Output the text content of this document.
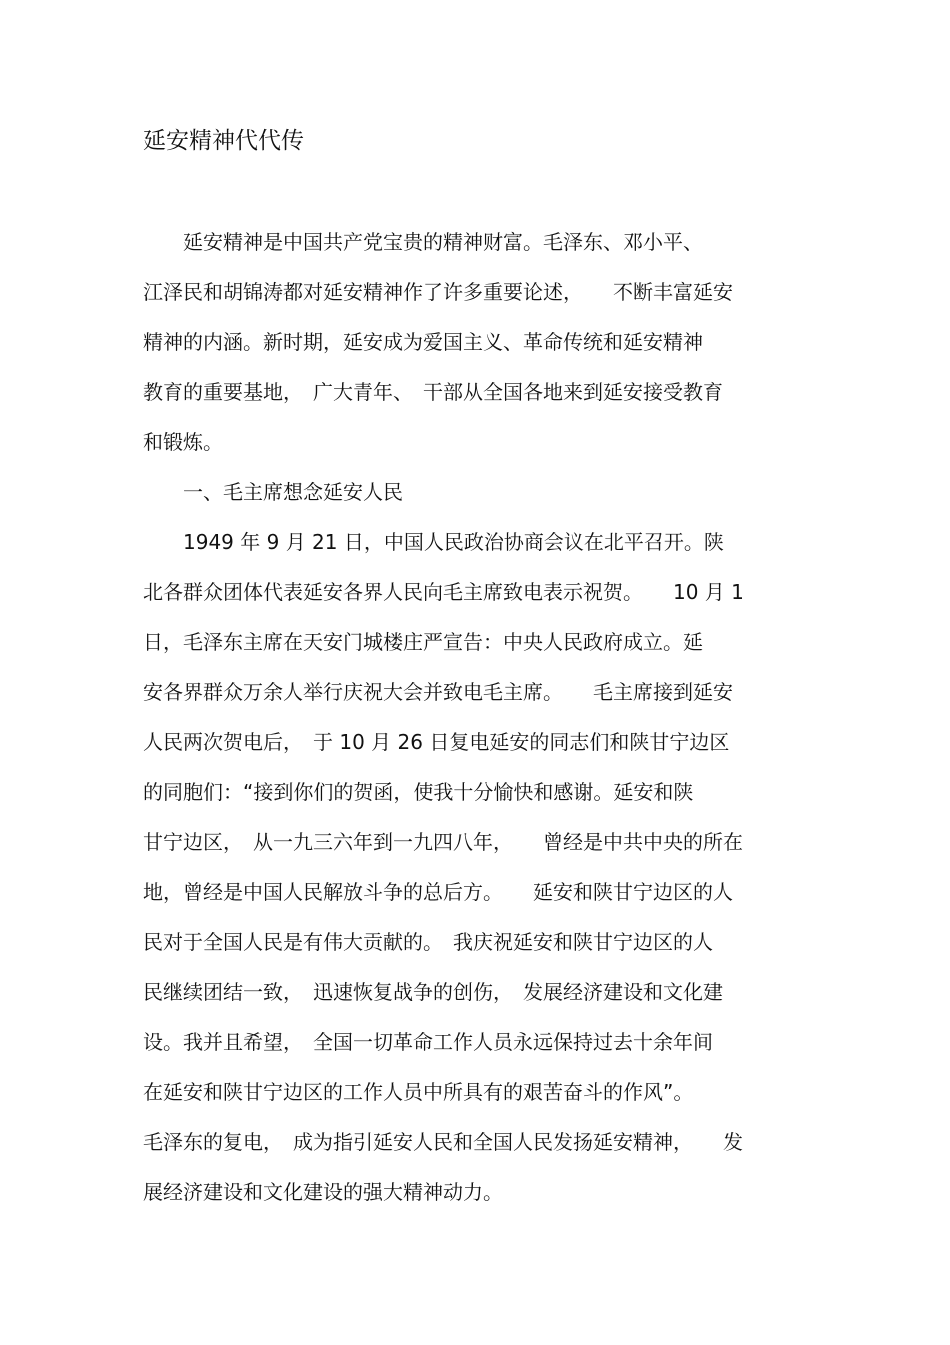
延安精神代代传
　　延安精神是中国共产党宝贵的精神财富。毛泽东、邓小平、
江泽民和胡锦涛都对延安精神作了许多重要论述，　　不断丰富延安
精神的内涵。新时期，延安成为爱国主义、革命传统和延安精神
教育的重要基地，　广大青年、　干部从全国各地来到延安接受教育
和锻炼。
　　一、毛主席想念延安人民
　　1949 年 9 月 21 日，中国人民政治协商会议在北平召开。陕
北各群众团体代表延安各界人民向毛主席致电表示祝贺。　　10 月 1
日，毛泽东主席在天安门城楼庄严宣告：中央人民政府成立。延
安各界群众万余人举行庆祝大会并致电毛主席。　　毛主席接到延安
人民两次贺电后，　于 10 月 26 日复电延安的同志们和陕甘宁边区
的同胞们：“接到你们的贺函，使我十分愉快和感谢。延安和陕
甘宁边区，　从一九三六年到一九四八年，　　曾经是中共中央的所在
地，曾经是中国人民解放斗争的总后方。　　延安和陕甘宁边区的人
民对于全国人民是有伟大贡献的。　我庆祝延安和陕甘宁边区的人
民继续团结一致，　迅速恢复战争的创伤，　发展经济建设和文化建
设。我并且希望，　全国一切革命工作人员永远保持过去十余年间
在延安和陕甘宁边区的工作人员中所具有的艰苦奋斗的作风”。
毛泽东的复电，　成为指引延安人民和全国人民发扬延安精神，　　发
展经济建设和文化建设的强大精神动力。
